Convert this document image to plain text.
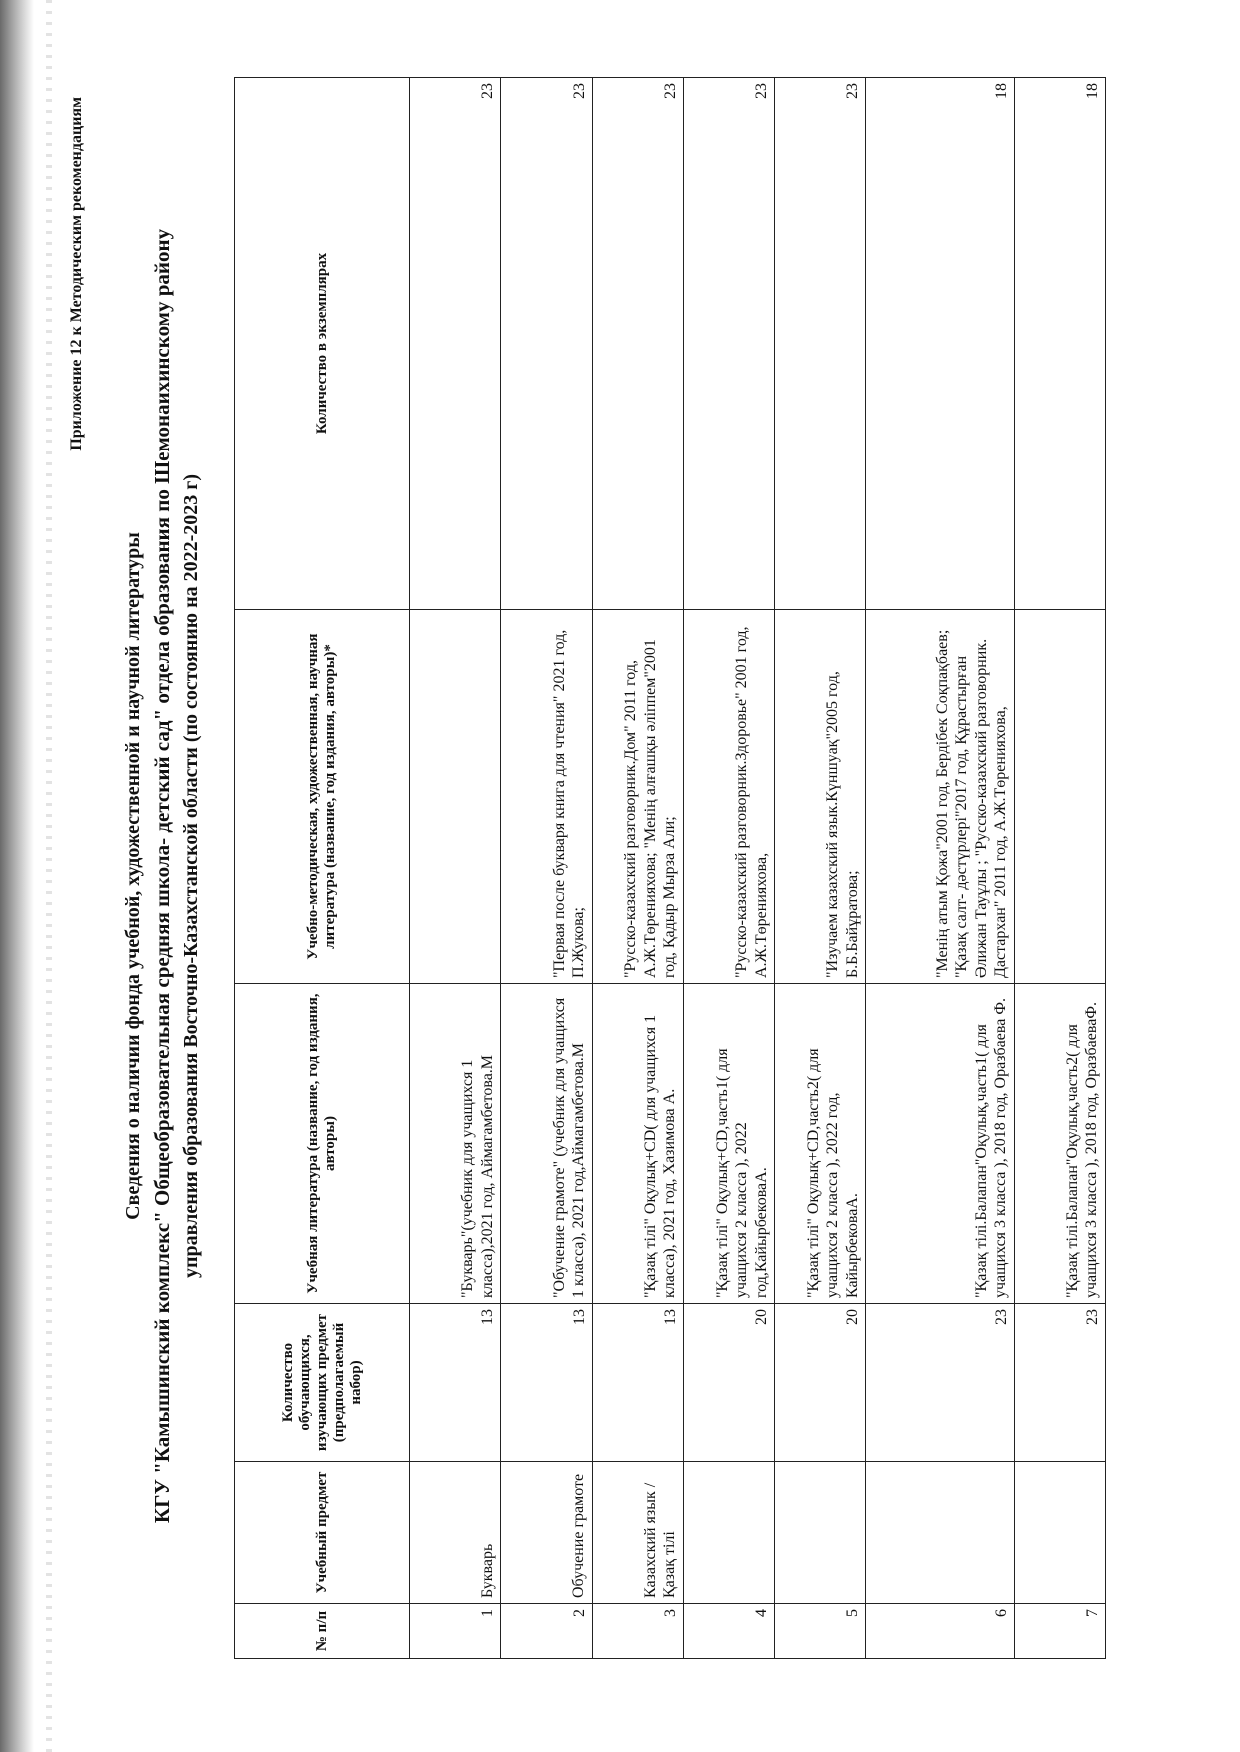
Приложение 12 к Методическим рекомендациям
Сведения о наличии фонда учебной, художественной и научной литературы КГУ "Камышинский комплекс" Общеобразовательная средняя школа- детский сад" отдела образования по Шемонаихинскому району управления образования Восточно-Казахстанской области (по состоянию на 2022-2023 г)
№ п/п	Учебный предмет	Количество обучающихся, изучающих предмет (предполагаемый набор)	Учебная литература (название, год издания, авторы)	Учебно-методическая, художественная, научная литература (название, год издания, авторы)*	Количество в экземплярах
1	Букварь	13	"Букварь"(учебник для учащихся 1 класса),2021 год, Аймагамбетова.М		23
2	Обучение грамоте	13	"Обучение грамоте" (учебник для учащихся 1 класса), 2021 год,Аймагамбетова.М	"Первая после букваря книга для чтения" 2021 год, П.Жукова;	23
3	Казахский язык /Қазақ тілі	13	"Қазақ тілі" Оқулық+CD( для учащихся 1 класса), 2021 год, Хазимова А.	"Русско-казахский разговорник.Дом" 2011 год, А.Ж.Төренияхова; "Менің алғашқы әліппем"2001 год, Қадыр Мырза Али;	23
4		20	"Қазақ тілі" Оқулық+CD,часть1( для учащихся 2 класса ), 2022 год,КайырбековаА.	"Русско-казахский разговорник.Здоровье" 2001 год, А.Ж.Төренияхова,	23
5		20	"Қазақ тілі" Оқулық+CD,часть2( для учащихся 2 класса ), 2022 год, КайырбековаА.	"Изучаем казахский язык.Күншуақ"2005 год, Б.Б.Байұратова;	23
6		23	"Қазақ тілі.Балапан"Оқулық,часть1( для учащихся 3 класса ), 2018 год, Оразбаева Ф.	"Менің атым Қожа"2001 год, Бердібек Соқпақбаев; "Қазақ салт- дәстүрлері"2017 год, Құрастырған Әлижан Тауұлы ; "Русско-казахский разговорник. Дастархан" 2011 год, А.Ж.Төренияхова,	18
7		23	"Қазақ тілі.Балапан"Оқулық,часть2( для учащихся 3 класса ), 2018 год, ОразбаеваФ.		18
